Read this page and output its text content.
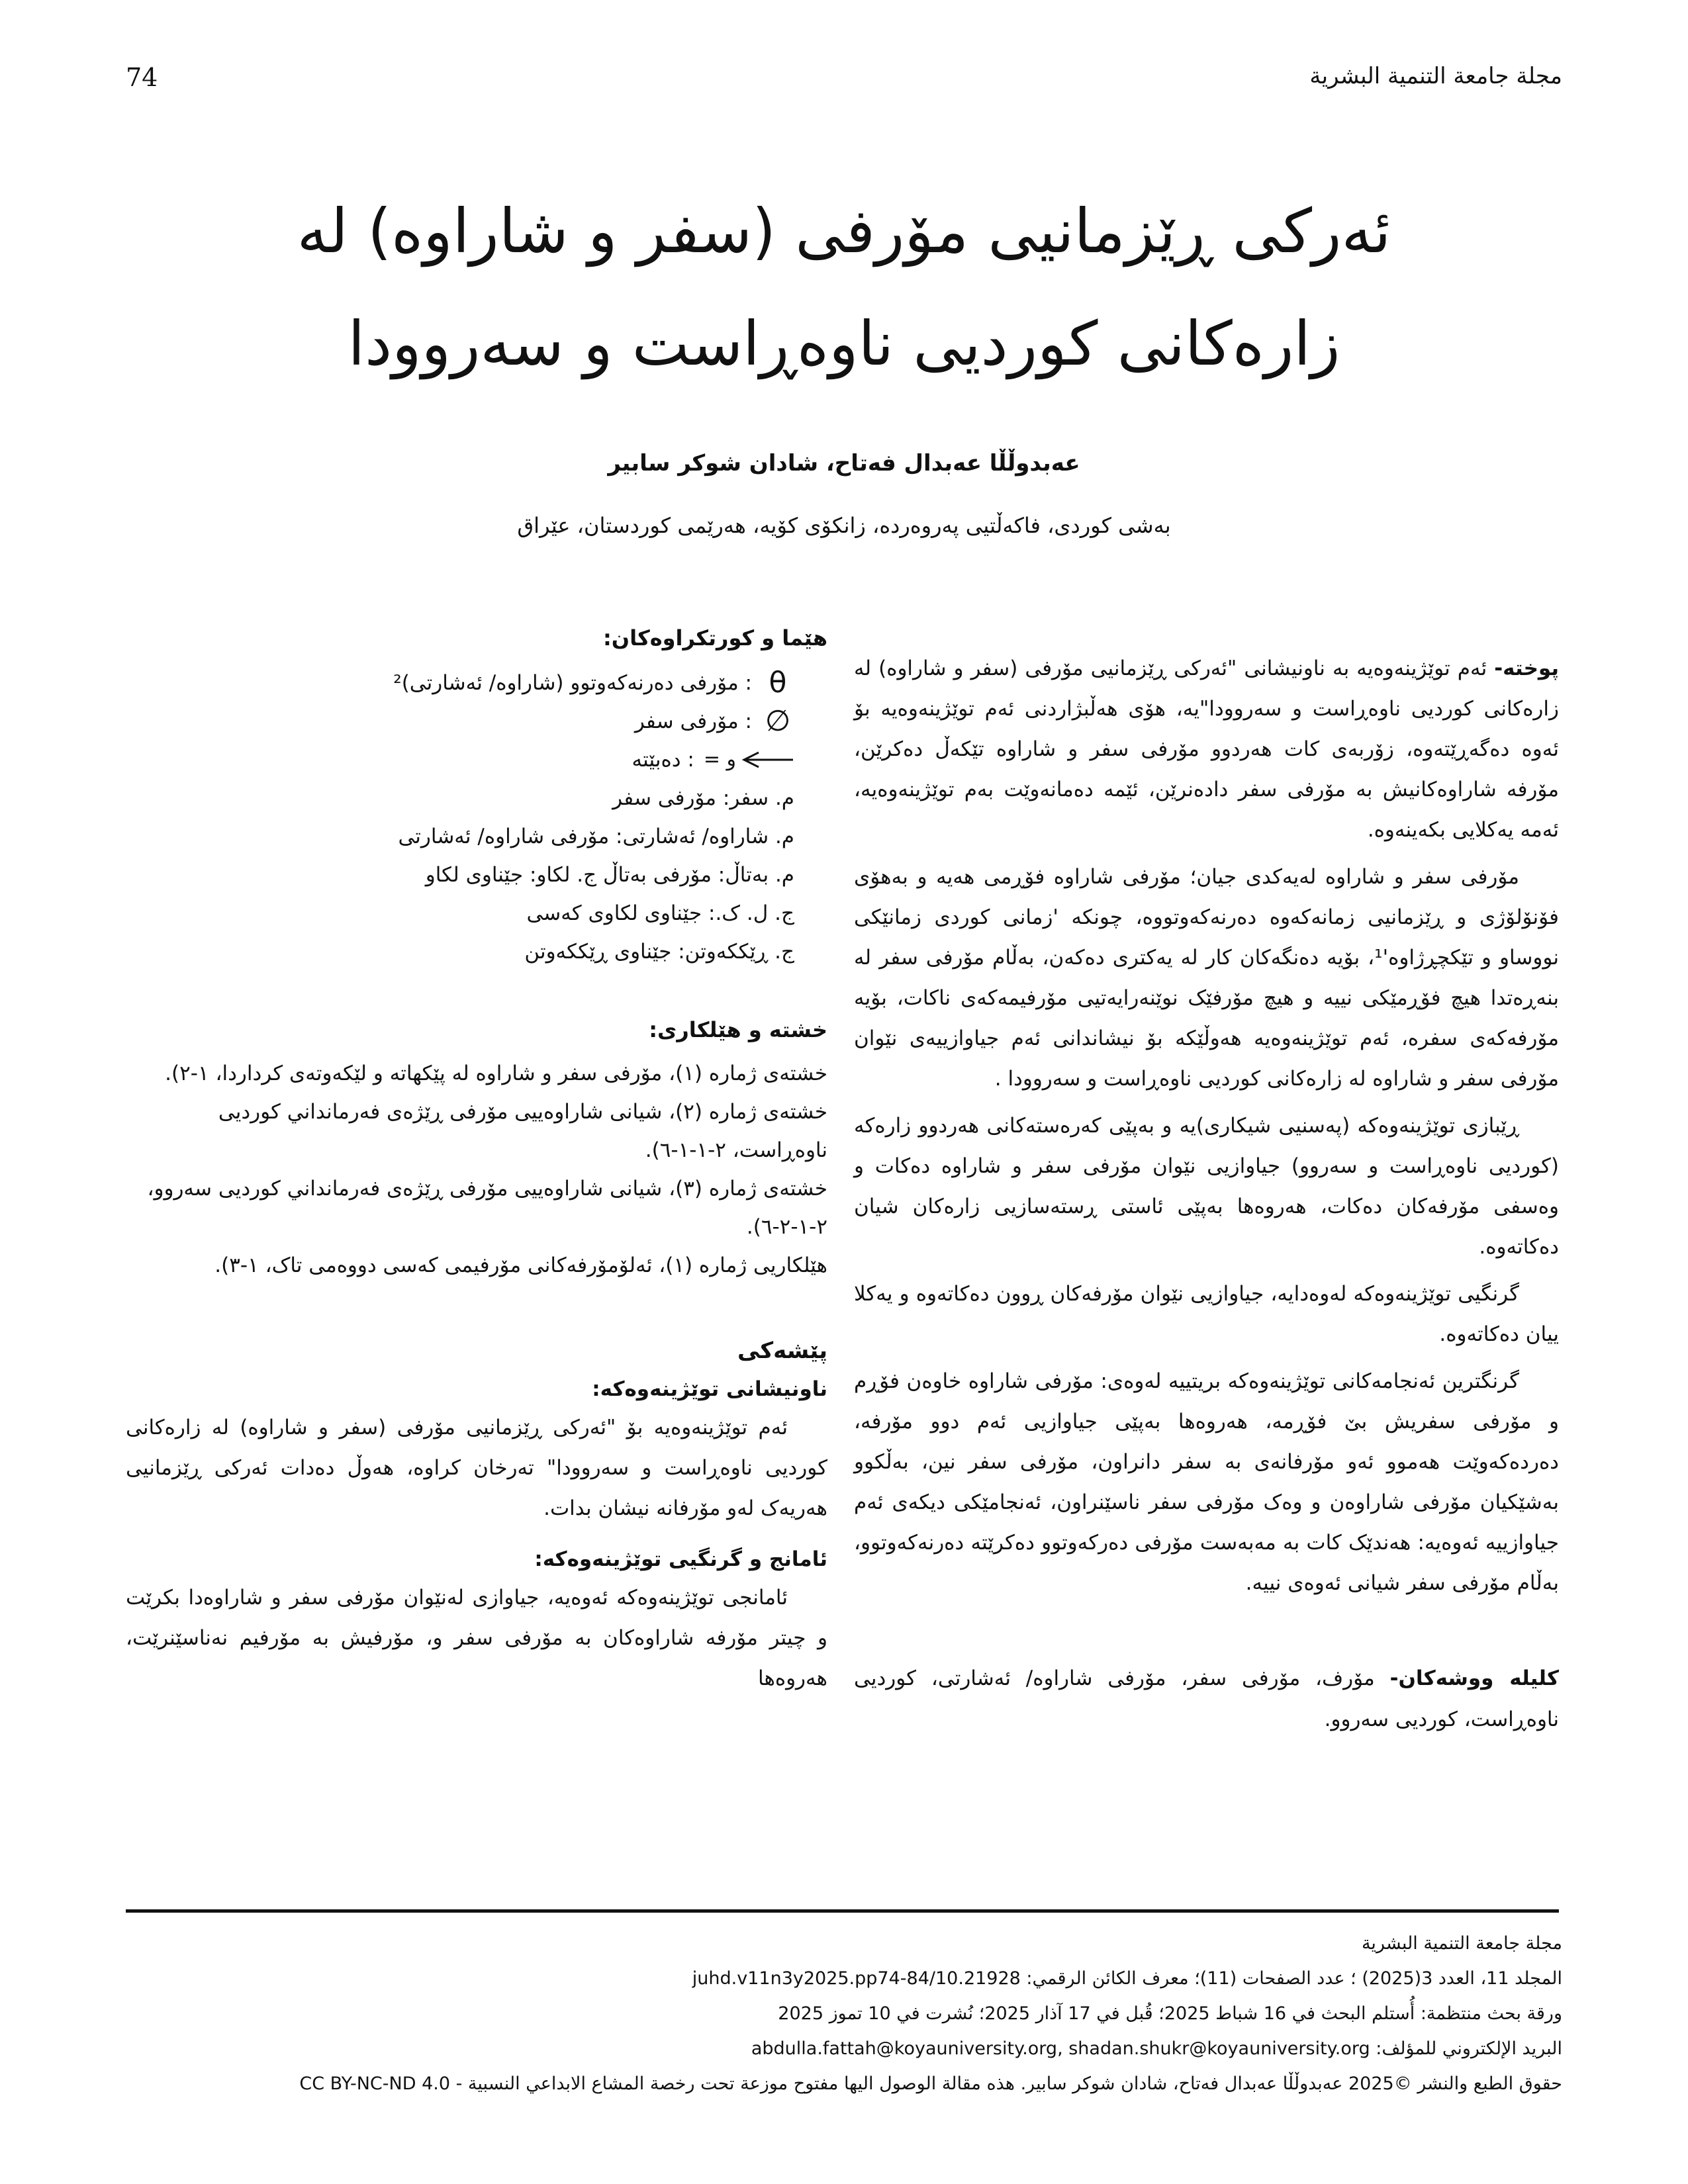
74	مجلة جامعة التنمية البشرية
ئەرکی ڕێزمانیی مۆرفی (سفر و شاراوە) لە
زارەکانی کوردیی ناوەڕاست و سەروودا
عەبدوڵڵا عەبدال فەتاح، شادان شوکر سابیر
بەشی کوردی، فاکەڵتیی پەروەردە، زانکۆی کۆیە، هەرێمی کوردستان، عێراق

پوختە- ئەم توێژینەوەیە بە ناونیشانی "ئەرکی ڕێزمانیی مۆرفی (سفر و شاراوە) لە زارەکانی کوردیی ناوەڕاست و سەروودا"یە، هۆی هەڵبژاردنی ئەم توێژینەوەیە بۆ ئەوە دەگەڕێتەوە، زۆربەی کات هەردوو مۆرفی سفر و شاراوە تێکەڵ دەکرێن، مۆرفە شاراوەکانیش بە مۆرفی سفر دادەنرێن، ئێمە دەمانەوێت بەم توێژینەوەیە، ئەمە یەکلایی بکەینەوە.

مۆرفی سفر و شاراوە لەیەکدی جیان؛ مۆرفی شاراوە فۆڕمی هەیە و بەهۆی فۆنۆلۆژی و ڕێزمانیی زمانەکەوە دەرنەکەوتووە، چونکە 'زمانی کوردی زمانێکی نووساو و تێکچڕژاوە'¹، بۆیە دەنگەکان کار لە یەکتری دەکەن، بەڵام مۆرفی سفر لە بنەڕەتدا هیچ فۆڕمێکی نییە و هیچ مۆرفێک نوێنەرایەتیی مۆرفیمەکەی ناکات، بۆیە مۆرفەکەی سفرە، ئەم توێژینەوەیە هەوڵێکە بۆ نیشاندانی ئەم جیاوازییەی نێوان مۆرفی سفر و شاراوە لە زارەکانی کوردیی ناوەڕاست و سەروودا .

ڕێبازی توێژینەوەکە (پەسنیی شیکاری)یە و بەپێی کەرەستەکانی هەردوو زارەکە (کوردیی ناوەڕاست و سەروو) جیاوازیی نێوان مۆرفی سفر و شاراوە دەکات و وەسفی مۆرفەکان دەکات، هەروەها بەپێی ئاستی ڕستەسازیی زارەکان شیان دەکاتەوە.

گرنگیی توێژینەوەکە لەوەدایە، جیاوازیی نێوان مۆرفەکان ڕوون دەکاتەوە و یەکلا ییان دەکاتەوە.

گرنگترین ئەنجامەکانی توێژینەوەکە بریتییە لەوەی: مۆرفی شاراوە خاوەن فۆڕم و مۆرفی سفریش بێ فۆڕمە، هەروەها بەپێی جیاوازیی ئەم دوو مۆرفە، دەردەکەوێت هەموو ئەو مۆرفانەی بە سفر دانراون، مۆرفی سفر نین، بەڵکوو بەشێکیان مۆرفی شاراوەن و وەک مۆرفی سفر ناسێنراون، ئەنجامێکی دیکەی ئەم جیاوازییە ئەوەیە: هەندێک کات بە مەبەست مۆرفی دەرکەوتوو دەکرێتە دەرنەکەوتوو، بەڵام مۆرفی سفر شیانی ئەوەی نییە.

کلیلە ووشەکان- مۆرف، مۆرفی سفر، مۆرفی شاراوە/ ئەشارتی، کوردیی ناوەڕاست، کوردیی سەروو.
هێما و کورتکراوەکان:
θ
: مۆرفی دەرنەکەوتوو (شاراوە/ ئەشارتی)²
∅
: مۆرفی سفر
= و
: دەبێتە
م. سفر: مۆرفی سفر
م. شاراوە/ ئەشارتی: مۆرفی شاراوە/ ئەشارتی
م. بەتاڵ: مۆرفی بەتاڵ ج. لکاو: جێناوی لکاو
ج. ل. ک.: جێناوی لکاوی کەسی
ج. ڕێککەوتن: جێناوی ڕێککەوتن
خشتە و هێلکاری:
خشتەی ژمارە (١)، مۆرفی سفر و شاراوە لە پێکهاتە و لێکەوتەی کرداردا، ١-٢).
خشتەی ژمارە (٢)، شیانی شاراوەییی مۆرفی ڕێژەی فەرمانداني کوردیی ناوەڕاست، ٢-١-١-٦).
خشتەی ژمارە (٣)، شیانی شاراوەییی مۆرفی ڕێژەی فەرمانداني کوردیی سەروو، ٢-١-٢-٦).
هێلکاریی ژمارە (١)، ئەلۆمۆرفەکانی مۆرفیمی کەسی دووەمی تاک، ١-٣).
پێشەکی
ناونیشانی توێژینەوەکە:

ئەم توێژینەوەیە بۆ "ئەرکی ڕێزمانیی مۆرفی (سفر و شاراوە) لە زارەکانی کوردیی ناوەڕاست و سەروودا" تەرخان کراوە، هەوڵ دەدات ئەرکی ڕێزمانیی هەریەک لەو مۆرفانە نیشان بدات.

ئامانج و گرنگیی توێژینەوەکە:

ئامانجی توێژینەوەکە ئەوەیە، جیاوازی لەنێوان مۆرفی سفر و شاراوەدا بکرێت و چیتر مۆرفە شاراوەکان بە مۆرفی سفر و، مۆرفیش بە مۆرفیم نەناسێنرێت، هەروەها

مجلة جامعة التنمية البشرية
المجلد 11، العدد 3(2025) ؛ عدد الصفحات (11)؛ معرف الكائن الرقمي: 10.21928/juhd.v11n3y2025.pp74-84
ورقة بحث منتظمة: أُستلم البحث في 16 شباط 2025؛ قُبل في 17 آذار 2025؛ نُشرت في 10 تموز 2025
البريد الإلكتروني للمؤلف: abdulla.fattah@koyauniversity.org, shadan.shukr@koyauniversity.org
حقوق الطبع والنشر ©2025 عەبدوڵڵا عەبدال فەتاح، شادان شوکر سابیر. هذه مقالة الوصول اليها مفتوح موزعة تحت رخصة المشاع الابداعي النسبية - CC BY-NC-ND 4.0
